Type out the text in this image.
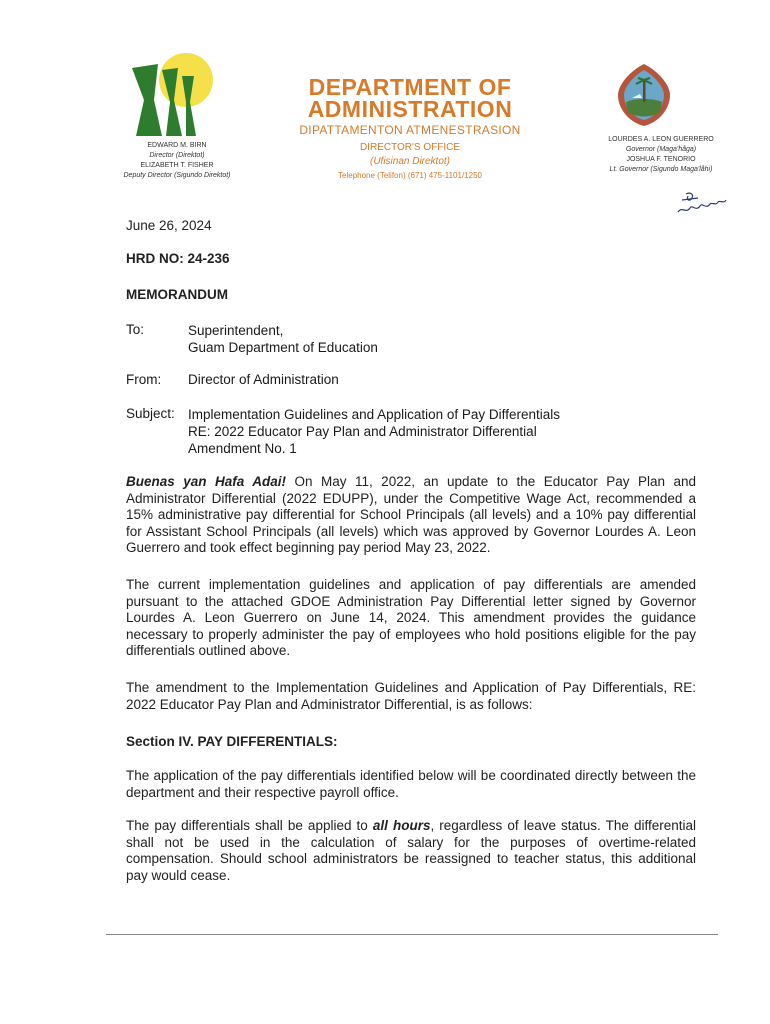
EDWARD M. BIRN
Director (Direktot)
ELIZABETH T. FISHER
Deputy Director (Sigundo Direktot)
DEPARTMENT OF
ADMINISTRATION
DIPATTAMENTON ATMENESTRASION
DIRECTOR'S OFFICE
(Ufisinan Direktot)
Telephone (Telifon) (671) 475-1101/1250
LOURDES A. LEON GUERRERO
Governor (Maga'håga)
JOSHUA F. TENORIO
Lt. Governor (Sigundo Maga'låhi)
June 26, 2024
HRD NO: 24-236
MEMORANDUM
To:	Superintendent,
Guam Department of Education
From: Director of Administration
Subject: Implementation Guidelines and Application of Pay Differentials
RE: 2022 Educator Pay Plan and Administrator Differential
Amendment No. 1
Buenas yan Hafa Adai! On May 11, 2022, an update to the Educator Pay Plan and Administrator Differential (2022 EDUPP), under the Competitive Wage Act, recommended a 15% administrative pay differential for School Principals (all levels) and a 10% pay differential for Assistant School Principals (all levels) which was approved by Governor Lourdes A. Leon Guerrero and took effect beginning pay period May 23, 2022.
The current implementation guidelines and application of pay differentials are amended pursuant to the attached GDOE Administration Pay Differential letter signed by Governor Lourdes A. Leon Guerrero on June 14, 2024. This amendment provides the guidance necessary to properly administer the pay of employees who hold positions eligible for the pay differentials outlined above.
The amendment to the Implementation Guidelines and Application of Pay Differentials, RE: 2022 Educator Pay Plan and Administrator Differential, is as follows:
Section IV. PAY DIFFERENTIALS:
The application of the pay differentials identified below will be coordinated directly between the department and their respective payroll office.
The pay differentials shall be applied to all hours, regardless of leave status. The differential shall not be used in the calculation of salary for the purposes of overtime-related compensation. Should school administrators be reassigned to teacher status, this additional pay would cease.
